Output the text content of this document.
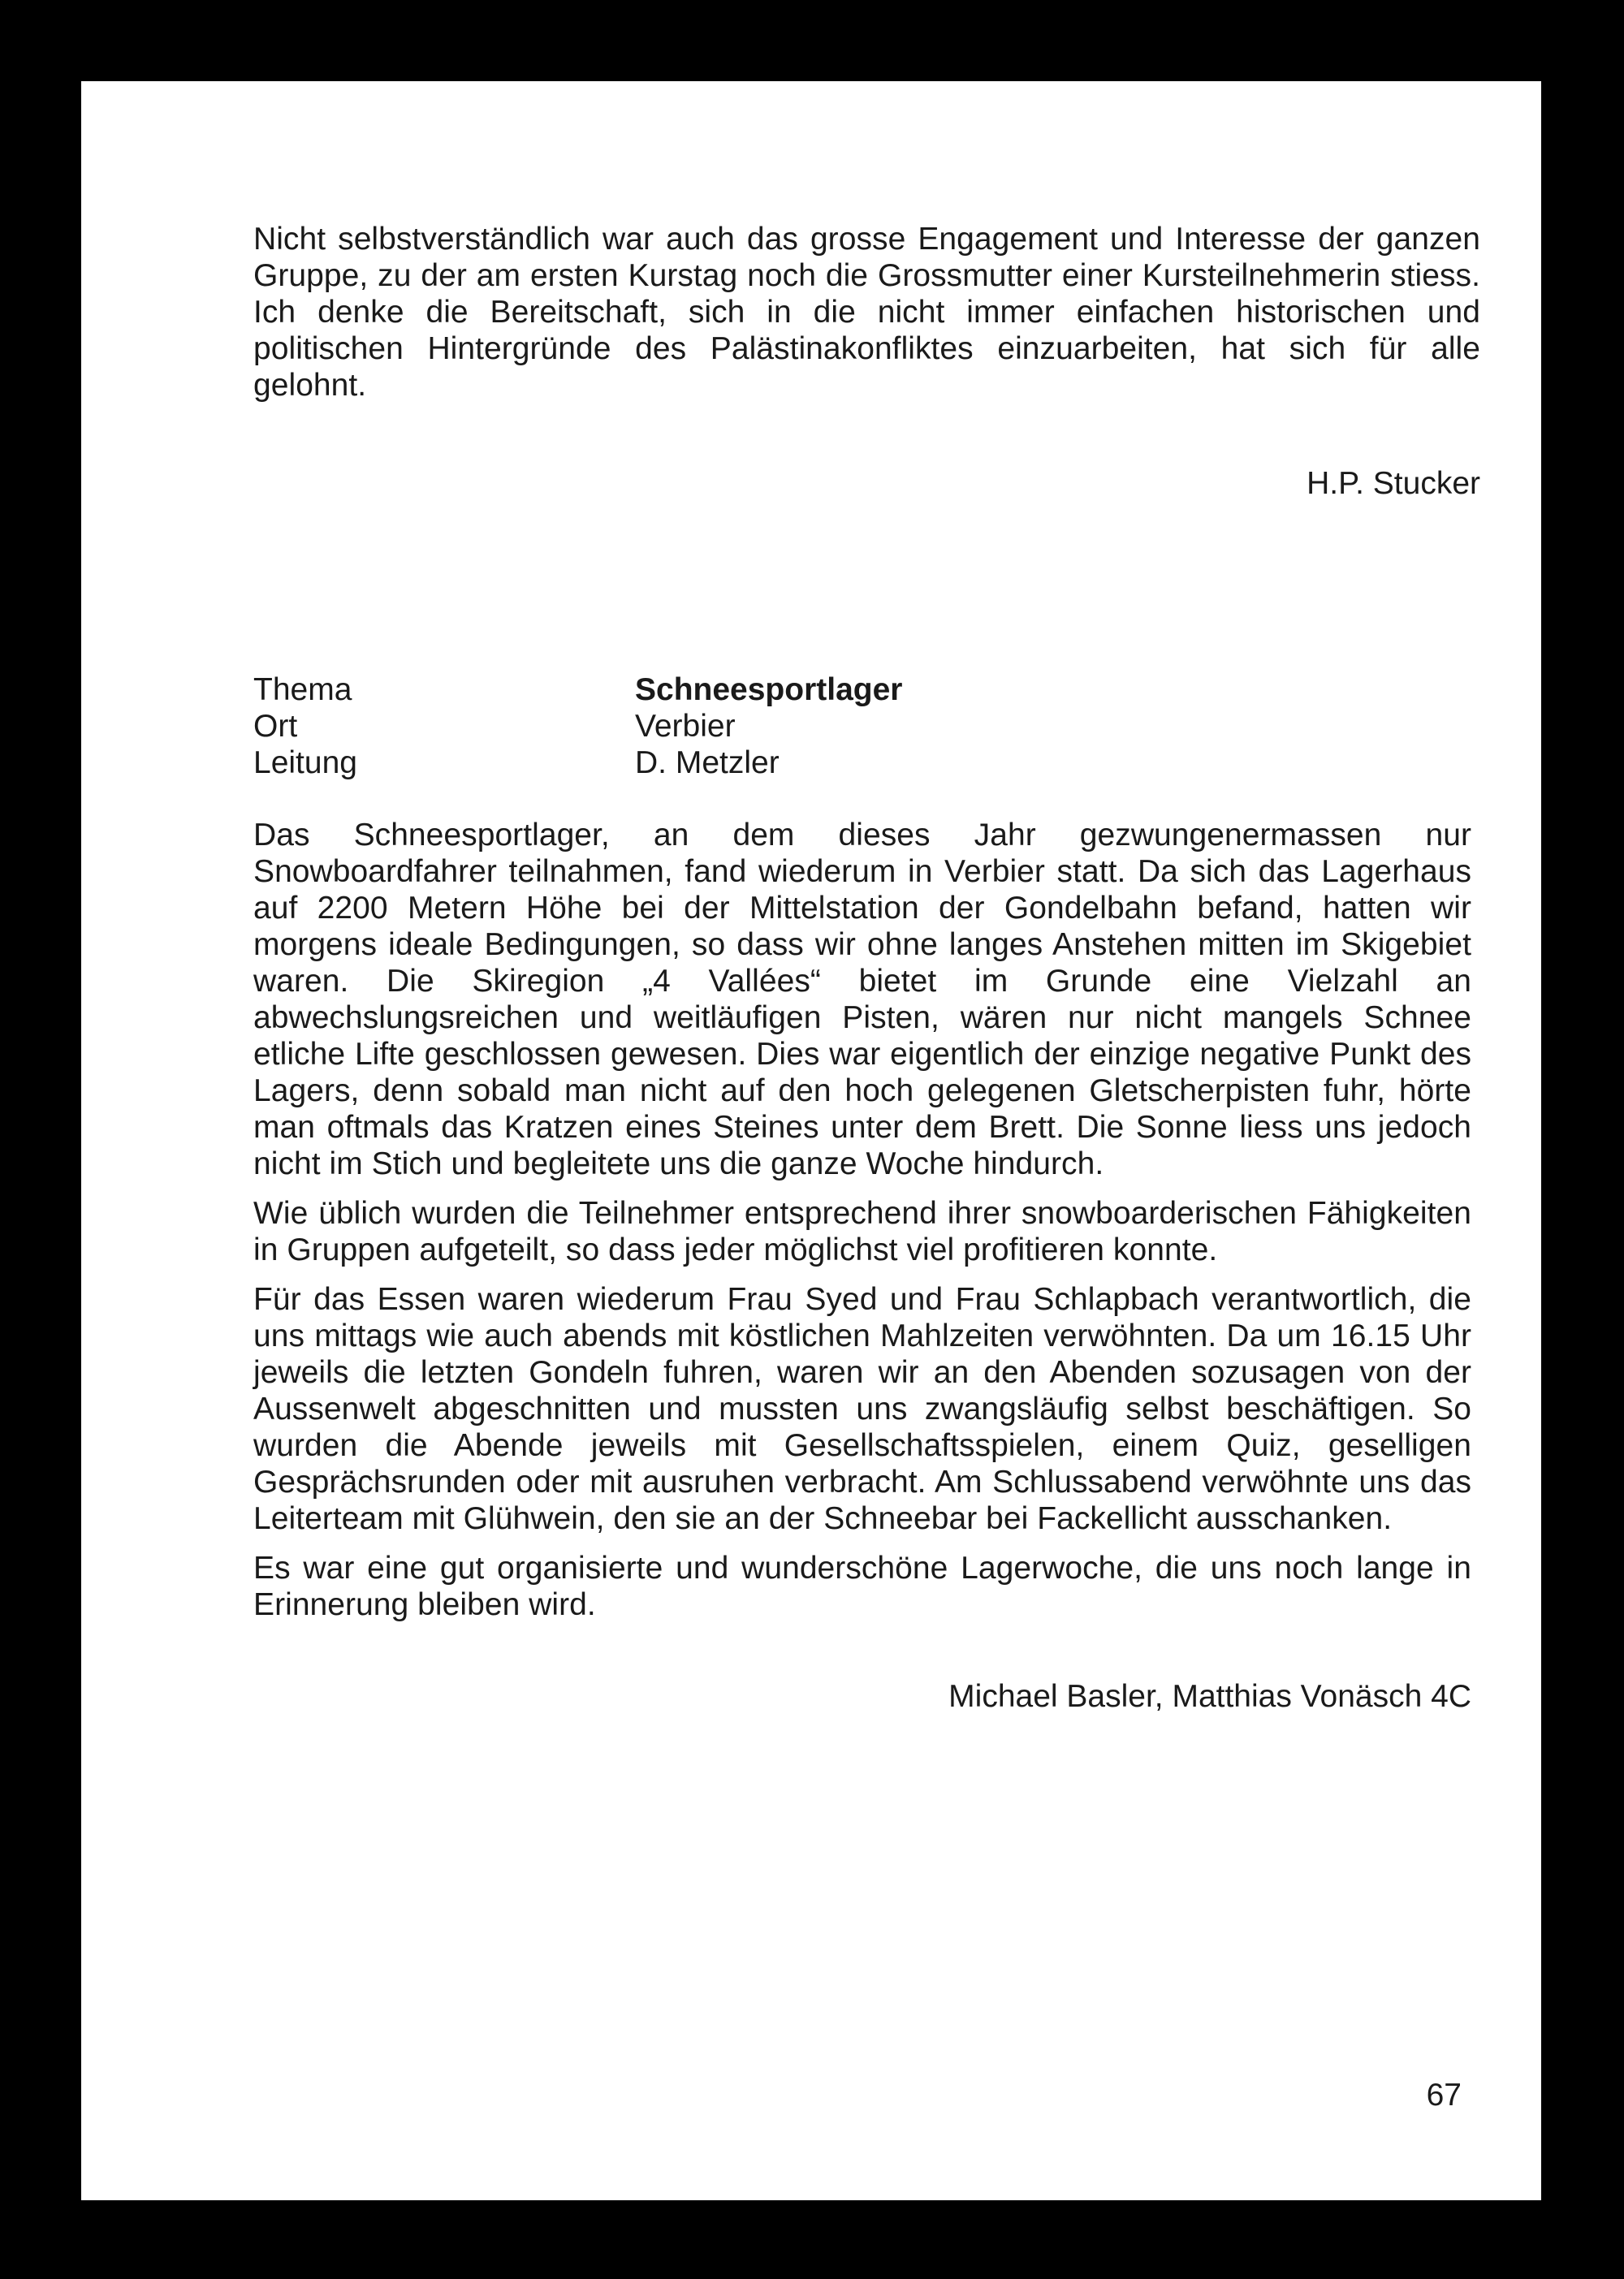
Nicht selbstverständlich war auch das grosse Engagement und Interesse der ganzen Gruppe, zu der am ersten Kurstag noch die Grossmutter einer Kursteilnehmerin stiess. Ich denke die Bereitschaft, sich in die nicht immer einfachen historischen und politischen Hintergründe des Palästinakonfliktes einzuarbeiten, hat sich für alle gelohnt.

H.P. Stucker

Thema	Schneesportlager
Ort	Verbier
Leitung	D. Metzler

Das Schneesportlager, an dem dieses Jahr gezwungenermassen nur Snowboardfahrer teilnahmen, fand wiederum in Verbier statt. Da sich das Lagerhaus auf 2200 Metern Höhe bei der Mittelstation der Gondelbahn befand, hatten wir morgens ideale Bedingungen, so dass wir ohne langes Anstehen mitten im Skigebiet waren. Die Skiregion „4 Vallées“ bietet im Grunde eine Vielzahl an abwechslungsreichen und weitläufigen Pisten, wären nur nicht mangels Schnee etliche Lifte geschlossen gewesen. Dies war eigentlich der einzige negative Punkt des Lagers, denn sobald man nicht auf den hoch gelegenen Gletscherpisten fuhr, hörte man oftmals das Kratzen eines Steines unter dem Brett. Die Sonne liess uns jedoch nicht im Stich und begleitete uns die ganze Woche hindurch.

Wie üblich wurden die Teilnehmer entsprechend ihrer snowboarderischen Fähigkeiten in Gruppen aufgeteilt, so dass jeder möglichst viel profitieren konnte.

Für das Essen waren wiederum Frau Syed und Frau Schlapbach verantwortlich, die uns mittags wie auch abends mit köstlichen Mahlzeiten verwöhnten. Da um 16.15 Uhr jeweils die letzten Gondeln fuhren, waren wir an den Abenden sozusagen von der Aussenwelt abgeschnitten und mussten uns zwangsläufig selbst beschäftigen. So wurden die Abende jeweils mit Gesellschaftsspielen, einem Quiz, geselligen Gesprächsrunden oder mit ausruhen verbracht. Am Schlussabend verwöhnte uns das Leiterteam mit Glühwein, den sie an der Schneebar bei Fackellicht ausschanken.

Es war eine gut organisierte und wunderschöne Lagerwoche, die uns noch lange in Erinnerung bleiben wird.

Michael Basler, Matthias Vonäsch 4C

67
